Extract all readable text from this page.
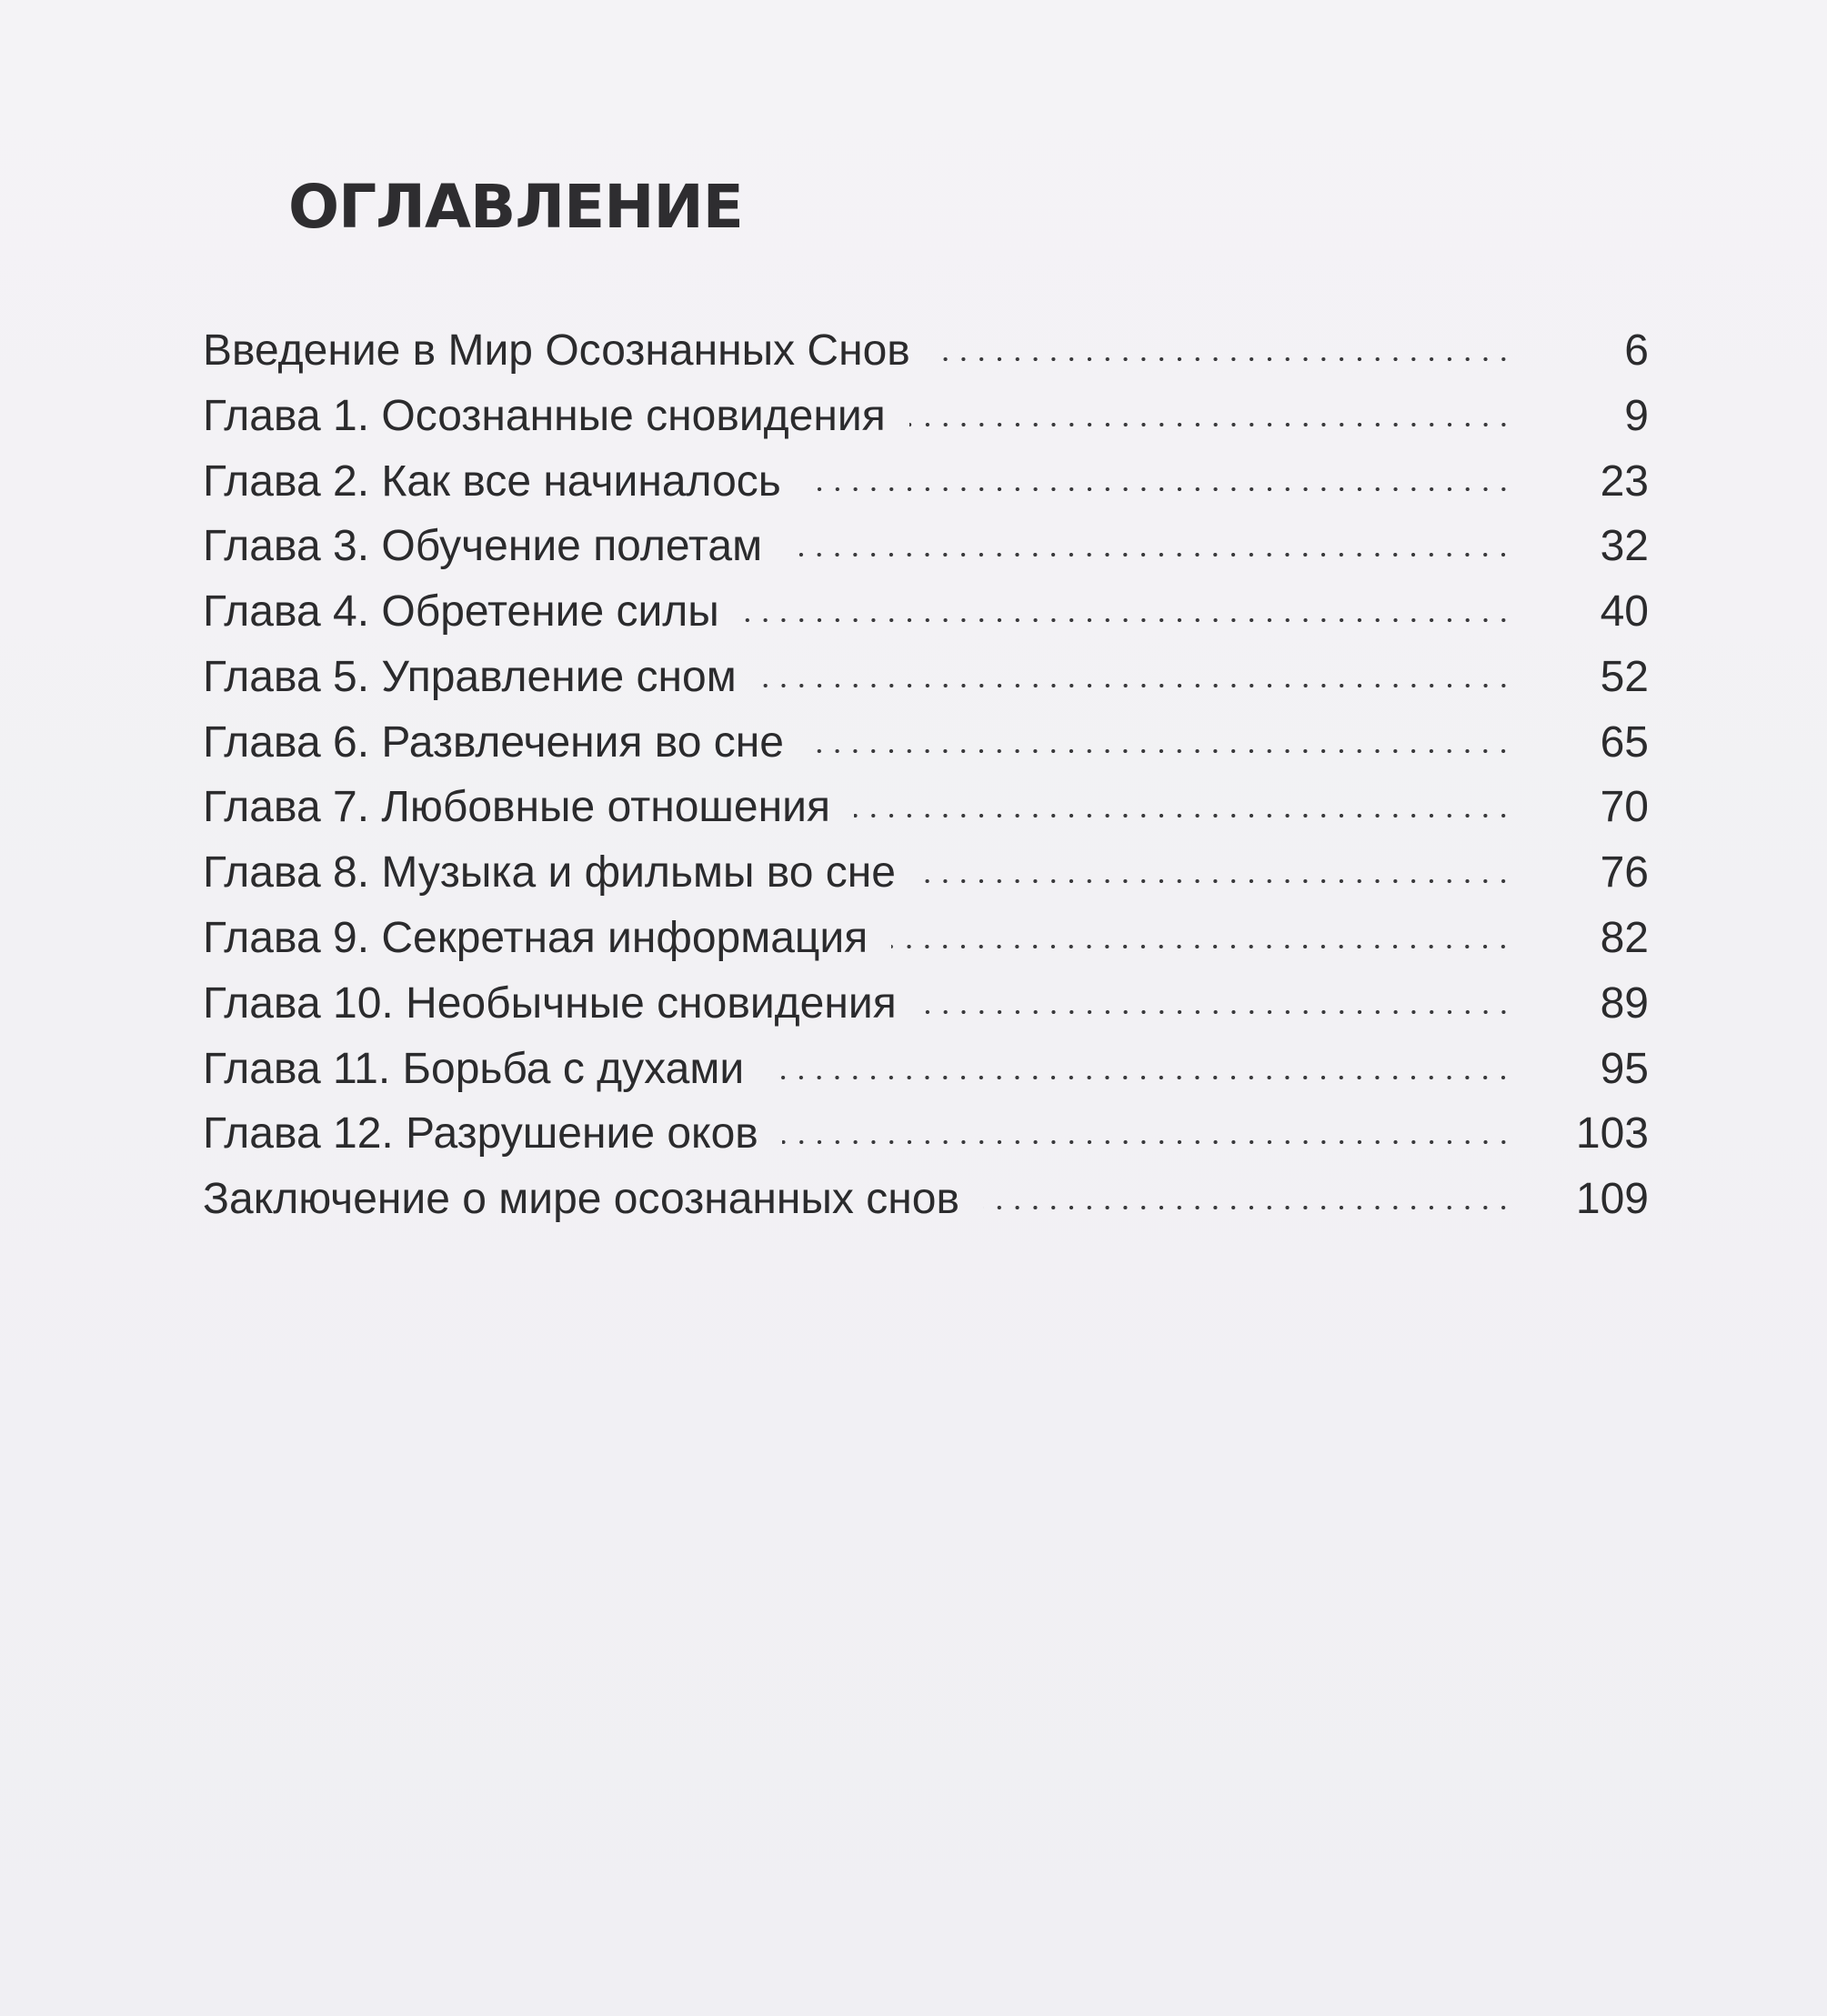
ОГЛАВЛЕНИЕ
Введение в Мир Осознанных Снов	6
Глава 1. Осознанные сновидения	9
Глава 2. Как все начиналось	23
Глава 3. Обучение полетам	32
Глава 4. Обретение силы	40
Глава 5. Управление сном	52
Глава 6. Развлечения во сне	65
Глава 7. Любовные отношения	70
Глава 8. Музыка и фильмы во сне	76
Глава 9. Секретная информация	82
Глава 10. Необычные сновидения	89
Глава 11. Борьба с духами	95
Глава 12. Разрушение оков	103
Заключение о мире осознанных снов	109
